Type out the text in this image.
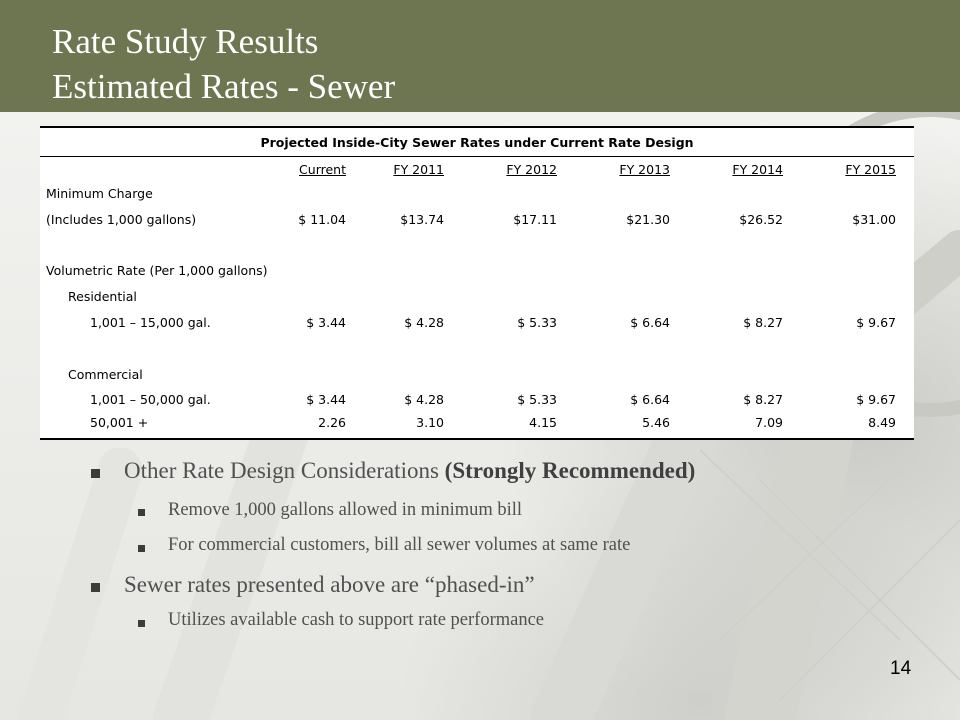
Rate Study Results
Estimated Rates - Sewer
Projected Inside-City Sewer Rates under Current Rate Design
Current	FY 2011	FY 2012	FY 2013	FY 2014	FY 2015
Minimum Charge
(Includes 1,000 gallons)	$ 11.04	$13.74	$17.11	$21.30	$26.52	$31.00
Volumetric Rate (Per 1,000 gallons)
Residential
1,001 – 15,000 gal.	$ 3.44	$ 4.28	$ 5.33	$ 6.64	$ 8.27	$ 9.67
Commercial
1,001 – 50,000 gal.	$ 3.44	$ 4.28	$ 5.33	$ 6.64	$ 8.27	$ 9.67
50,001 +	2.26	3.10	4.15	5.46	7.09	8.49
Other Rate Design Considerations (Strongly Recommended)
Remove 1,000 gallons allowed in minimum bill
For commercial customers, bill all sewer volumes at same rate
Sewer rates presented above are “phased-in”
Utilizes available cash to support rate performance
14
